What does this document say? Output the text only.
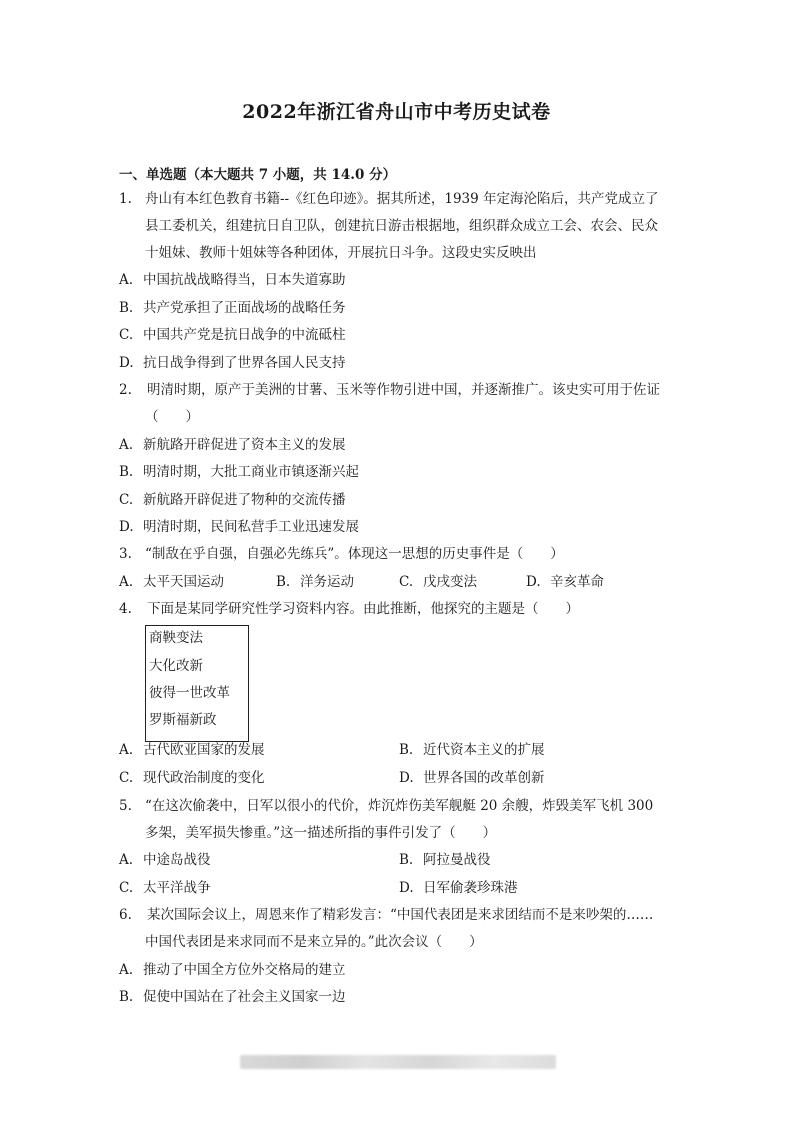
2022年浙江省舟山市中考历史试卷
一、单选题（本大题共 7 小题，共 14.0 分）
1. 舟山有本红色教育书籍--《红色印迹》。据其所述，1939 年定海沦陷后，共产党成立了
县工委机关，组建抗日自卫队，创建抗日游击根据地，组织群众成立工会、农会、民众
十姐妹、教师十姐妹等各种团体，开展抗日斗争。这段史实反映出
A. 中国抗战战略得当，日本失道寡助
B. 共产党承担了正面战场的战略任务
C. 中国共产党是抗日战争的中流砥柱
D. 抗日战争得到了世界各国人民支持
2. 明清时期，原产于美洲的甘薯、玉米等作物引进中国，并逐渐推广。该史实可用于佐证
（　　）
A. 新航路开辟促进了资本主义的发展
B. 明清时期，大批工商业市镇逐渐兴起
C. 新航路开辟促进了物种的交流传播
D. 明清时期，民间私营手工业迅速发展
3. “制敌在乎自强，自强必先练兵”。体现这一思想的历史事件是（　　）
A. 太平天国运动	B. 洋务运动	C. 戊戌变法	D. 辛亥革命
4. 下面是某同学研究性学习资料内容。由此推断，他探究的主题是（　　）
商鞅变法
大化改新
彼得一世改革
罗斯福新政
A. 古代欧亚国家的发展	B. 近代资本主义的扩展
C. 现代政治制度的变化	D. 世界各国的改革创新
5. “在这次偷袭中，日军以很小的代价，炸沉炸伤美军舰艇 20 余艘，炸毁美军飞机 300
多架，美军损失惨重。”这一描述所指的事件引发了（　　）
A. 中途岛战役	B. 阿拉曼战役
C. 太平洋战争	D. 日军偷袭珍珠港
6. 某次国际会议上，周恩来作了精彩发言：“中国代表团是来求团结而不是来吵架的……
中国代表团是来求同而不是来立异的。”此次会议（　　）
A. 推动了中国全方位外交格局的建立
B. 促使中国站在了社会主义国家一边
